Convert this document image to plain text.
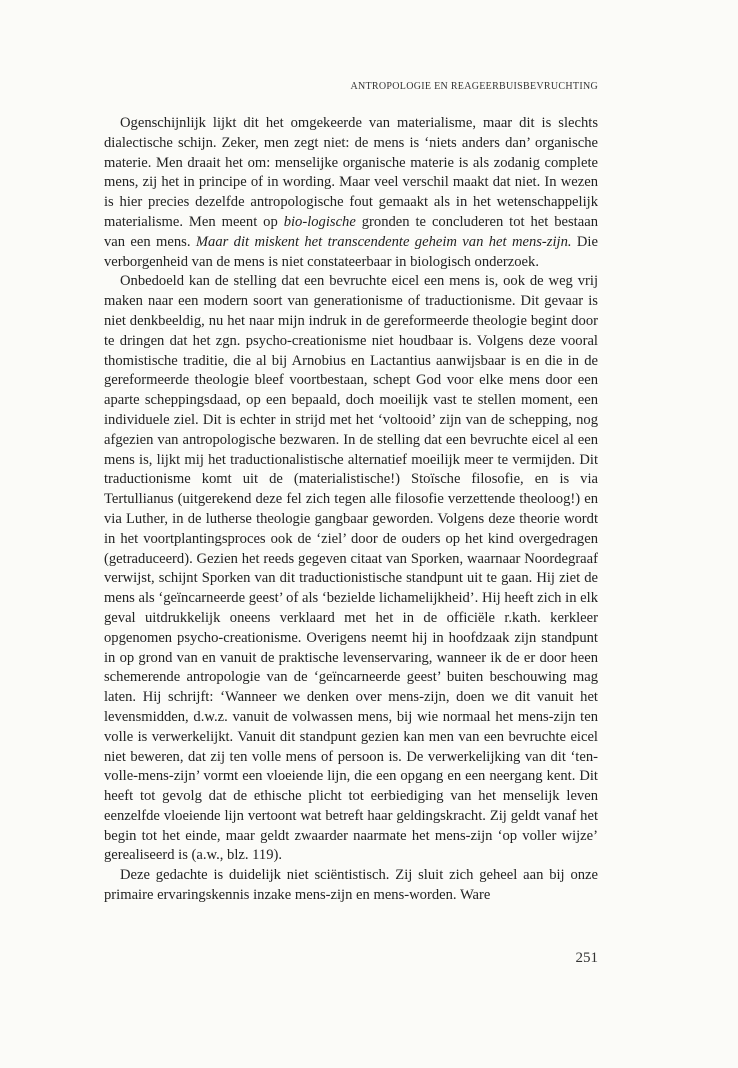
ANTROPOLOGIE EN REAGEERBUISBEVRUCHTING

Ogenschijnlijk lijkt dit het omgekeerde van materialisme, maar dit is slechts dialectische schijn. Zeker, men zegt niet: de mens is ‘niets anders dan’ organische materie. Men draait het om: menselijke organische materie is als zodanig complete mens, zij het in principe of in wording. Maar veel verschil maakt dat niet. In wezen is hier precies dezelfde antropologische fout gemaakt als in het wetenschappelijk materialisme. Men meent op bio-logische gronden te concluderen tot het bestaan van een mens. Maar dit miskent het transcendente geheim van het mens-zijn. Die verborgenheid van de mens is niet constateerbaar in biologisch onderzoek.

Onbedoeld kan de stelling dat een bevruchte eicel een mens is, ook de weg vrij maken naar een modern soort van generationisme of traductionisme. Dit gevaar is niet denkbeeldig, nu het naar mijn indruk in de gereformeerde theologie begint door te dringen dat het zgn. psycho-creationisme niet houdbaar is. Volgens deze vooral thomistische traditie, die al bij Arnobius en Lactantius aanwijsbaar is en die in de gereformeerde theologie bleef voortbestaan, schept God voor elke mens door een aparte scheppingsdaad, op een bepaald, doch moeilijk vast te stellen moment, een individuele ziel. Dit is echter in strijd met het ‘voltooid’ zijn van de schepping, nog afgezien van antropologische bezwaren. In de stelling dat een bevruchte eicel al een mens is, lijkt mij het traductionalistische alternatief moeilijk meer te vermijden. Dit traductionisme komt uit de (materialistische!) Stoïsche filosofie, en is via Tertullianus (uitgerekend deze fel zich tegen alle filosofie verzettende theoloog!) en via Luther, in de lutherse theologie gangbaar geworden. Volgens deze theorie wordt in het voortplantingsproces ook de ‘ziel’ door de ouders op het kind overgedragen (getraduceerd). Gezien het reeds gegeven citaat van Sporken, waarnaar Noordegraaf verwijst, schijnt Sporken van dit traductionistische standpunt uit te gaan. Hij ziet de mens als ‘geïncarneerde geest’ of als ‘bezielde lichamelijkheid’. Hij heeft zich in elk geval uitdrukkelijk oneens verklaard met het in de officiële r.kath. kerkleer opgenomen psycho-creationisme. Overigens neemt hij in hoofdzaak zijn standpunt in op grond van en vanuit de praktische levenservaring, wanneer ik de er door heen schemerende antropologie van de ‘geïncarneerde geest’ buiten beschouwing mag laten. Hij schrijft: ‘Wanneer we denken over mens-zijn, doen we dit vanuit het levensmidden, d.w.z. vanuit de volwassen mens, bij wie normaal het mens-zijn ten volle is verwerkelijkt. Vanuit dit standpunt gezien kan men van een bevruchte eicel niet beweren, dat zij ten volle mens of persoon is. De verwerkelijking van dit ‘ten-volle-mens-zijn’ vormt een vloeiende lijn, die een opgang en een neergang kent. Dit heeft tot gevolg dat de ethische plicht tot eerbiediging van het menselijk leven eenzelfde vloeiende lijn vertoont wat betreft haar geldingskracht. Zij geldt vanaf het begin tot het einde, maar geldt zwaarder naarmate het mens-zijn ‘op voller wijze’ gerealiseerd is (a.w., blz. 119).

Deze gedachte is duidelijk niet sciëntistisch. Zij sluit zich geheel aan bij onze primaire ervaringskennis inzake mens-zijn en mens-worden. Ware

251
